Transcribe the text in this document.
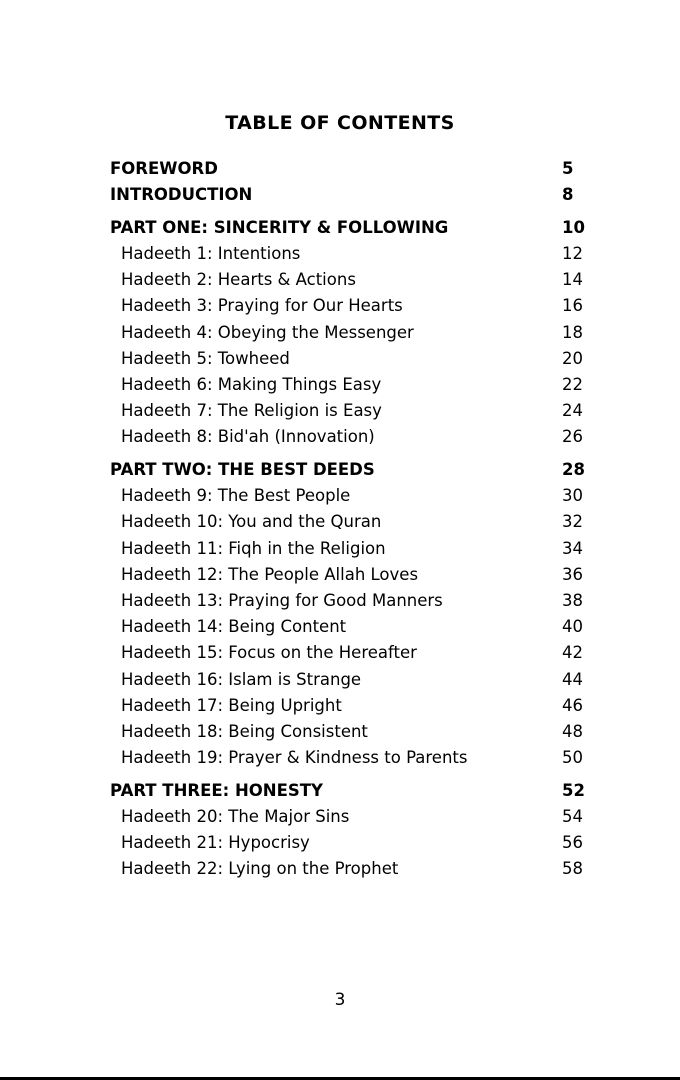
TABLE OF CONTENTS
FOREWORD	5
INTRODUCTION	8
PART ONE: SINCERITY & FOLLOWING	10
Hadeeth 1: Intentions	12
Hadeeth 2: Hearts & Actions	14
Hadeeth 3: Praying for Our Hearts	16
Hadeeth 4: Obeying the Messenger	18
Hadeeth 5: Towheed	20
Hadeeth 6: Making Things Easy	22
Hadeeth 7: The Religion is Easy	24
Hadeeth 8: Bid'ah (Innovation)	26
PART TWO: THE BEST DEEDS	28
Hadeeth 9: The Best People	30
Hadeeth 10: You and the Quran	32
Hadeeth 11: Fiqh in the Religion	34
Hadeeth 12: The People Allah Loves	36
Hadeeth 13: Praying for Good Manners	38
Hadeeth 14: Being Content	40
Hadeeth 15: Focus on the Hereafter	42
Hadeeth 16: Islam is Strange	44
Hadeeth 17: Being Upright	46
Hadeeth 18: Being Consistent	48
Hadeeth 19: Prayer & Kindness to Parents	50
PART THREE: HONESTY	52
Hadeeth 20: The Major Sins	54
Hadeeth 21: Hypocrisy	56
Hadeeth 22: Lying on the Prophet	58
3
